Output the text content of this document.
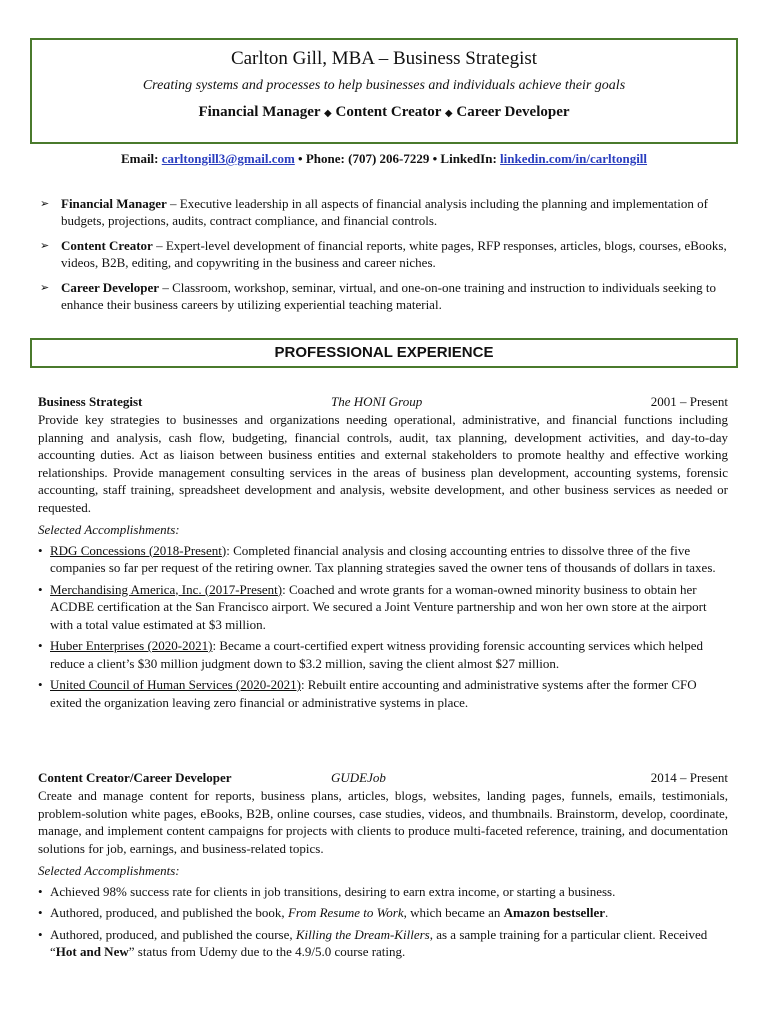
Carlton Gill, MBA – Business Strategist
Creating systems and processes to help businesses and individuals achieve their goals
Financial Manager ◆ Content Creator ◆ Career Developer
Email: carltongill3@gmail.com • Phone: (707) 206-7229 • LinkedIn: linkedin.com/in/carltongill
➢ Financial Manager – Executive leadership in all aspects of financial analysis including the planning and implementation of budgets, projections, audits, contract compliance, and financial controls.
➢ Content Creator – Expert-level development of financial reports, white pages, RFP responses, articles, blogs, courses, eBooks, videos, B2B, editing, and copywriting in the business and career niches.
➢ Career Developer – Classroom, workshop, seminar, virtual, and one-on-one training and instruction to individuals seeking to enhance their business careers by utilizing experiential teaching material.
PROFESSIONAL EXPERIENCE
Business Strategist	The HONI Group	2001 – Present
Provide key strategies to businesses and organizations needing operational, administrative, and financial functions including planning and analysis, cash flow, budgeting, financial controls, audit, tax planning, development activities, and day-to-day accounting duties. Act as liaison between business entities and external stakeholders to promote healthy and effective working relationships. Provide management consulting services in the areas of business plan development, accounting systems, forensic accounting, staff training, spreadsheet development and analysis, website development, and other business services as needed or requested.
Selected Accomplishments:
• RDG Concessions (2018-Present): Completed financial analysis and closing accounting entries to dissolve three of the five companies so far per request of the retiring owner. Tax planning strategies saved the owner tens of thousands of dollars in taxes.
• Merchandising America, Inc. (2017-Present): Coached and wrote grants for a woman-owned minority business to obtain her ACDBE certification at the San Francisco airport. We secured a Joint Venture partnership and won her own store at the airport with a total value estimated at $3 million.
• Huber Enterprises (2020-2021): Became a court-certified expert witness providing forensic accounting services which helped reduce a client’s $30 million judgment down to $3.2 million, saving the client almost $27 million.
• United Council of Human Services (2020-2021): Rebuilt entire accounting and administrative systems after the former CFO exited the organization leaving zero financial or administrative systems in place.
Content Creator/Career Developer	GUDEJob	2014 – Present
Create and manage content for reports, business plans, articles, blogs, websites, landing pages, funnels, emails, testimonials, problem-solution white pages, eBooks, B2B, online courses, case studies, videos, and thumbnails. Brainstorm, develop, coordinate, manage, and implement content campaigns for projects with clients to produce multi-faceted reference, training, and documentation solutions for job, earnings, and business-related topics.
Selected Accomplishments:
• Achieved 98% success rate for clients in job transitions, desiring to earn extra income, or starting a business.
• Authored, produced, and published the book, From Resume to Work, which became an Amazon bestseller.
• Authored, produced, and published the course, Killing the Dream-Killers, as a sample training for a particular client. Received “Hot and New” status from Udemy due to the 4.9/5.0 course rating.
